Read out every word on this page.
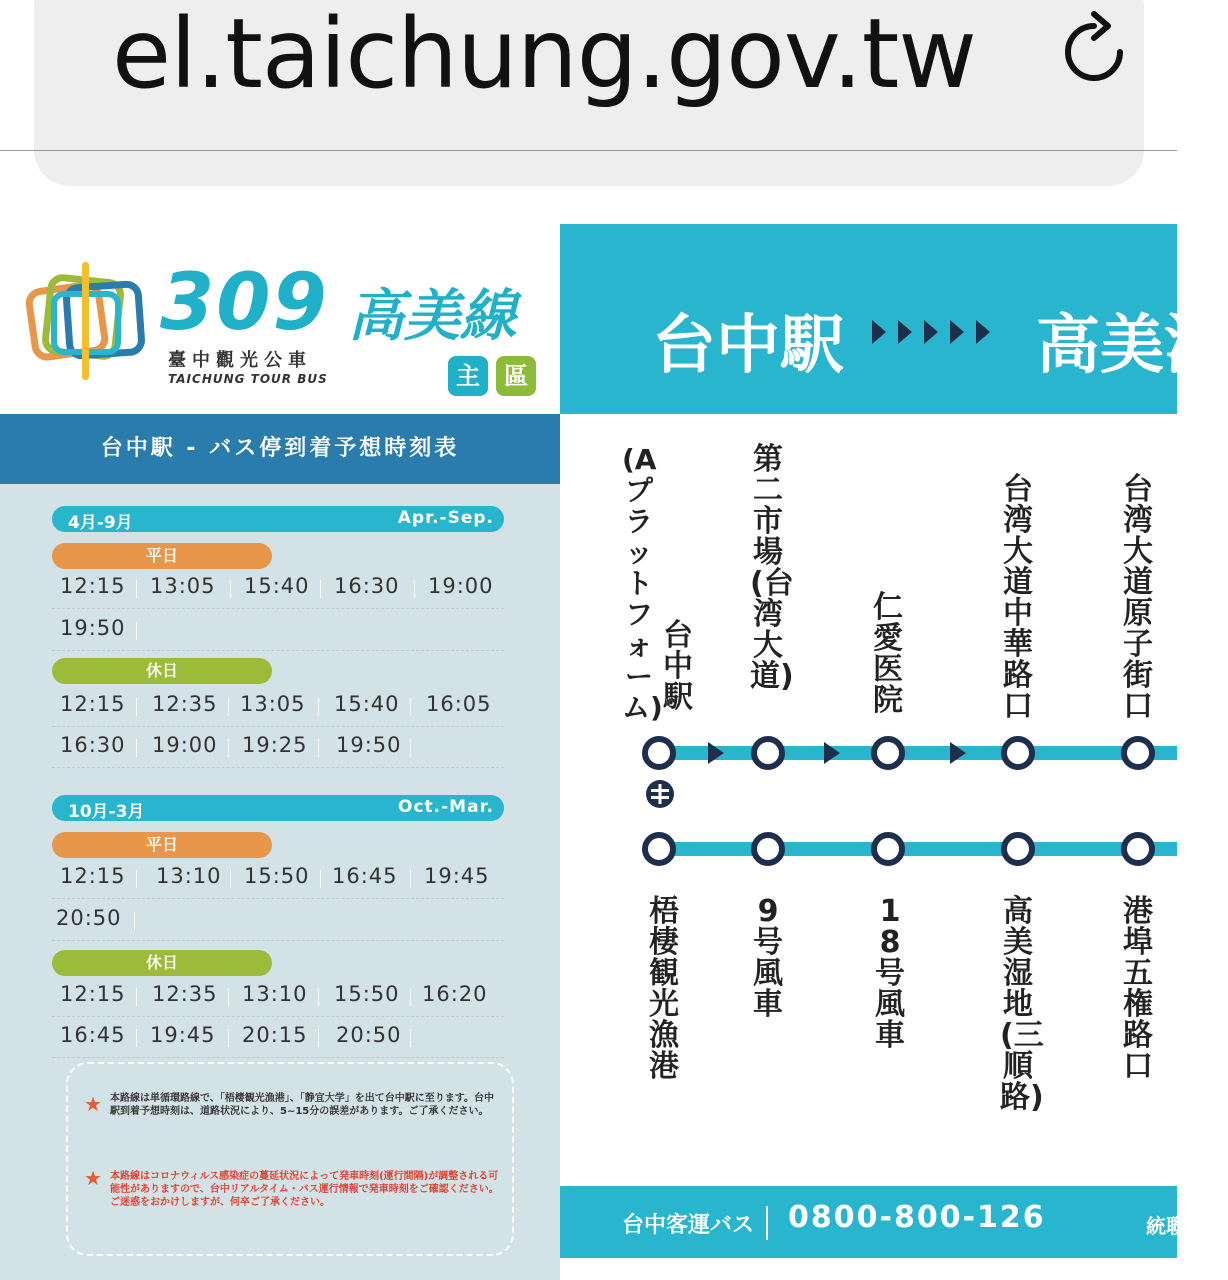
el.taichung.gov.tw
309 高美線
臺中觀光公車
TAICHUNG TOUR BUS	主	區
台中駅 - バス停到着予想時刻表
4月-9月	Apr.-Sep.
平日
12:15 13:05 15:40 16:30 19:00
19:50
休日
12:15 12:35 13:05 15:40 16:05
16:30 19:00 19:25 19:50
10月-3月	Oct.-Mar.
平日
12:15 13:10 15:50 16:45 19:45
20:50
休日
12:15 12:35 13:10 15:50 16:20
16:45 19:45 20:15 20:50
★ 本路線は単循環路線で、「梧棲観光漁港」、「静宜大学」を出て台中駅に至ります。台中駅到着予想時刻は、道路状況により、5~15分の誤差があります。ご了承ください。
★ 本路線はコロナウィルス感染症の蔓延状況によって発車時刻(運行間隔)が調整される可能性がありますので、台中リアルタイム・バス運行情報で発車時刻をご確認ください。ご迷惑をおかけしますが、何卒ご了承ください。
台中駅	高美湿
(Aプラットフォーム)
台中駅
第二市場(台湾大道)
仁愛医院
台湾大道中華路口
台湾大道原子街口
梧棲観光漁港
9号風車
18号風車
高美湿地(三順路)
港埠五権路口
台中客運バス 0800-800-126	統聯
